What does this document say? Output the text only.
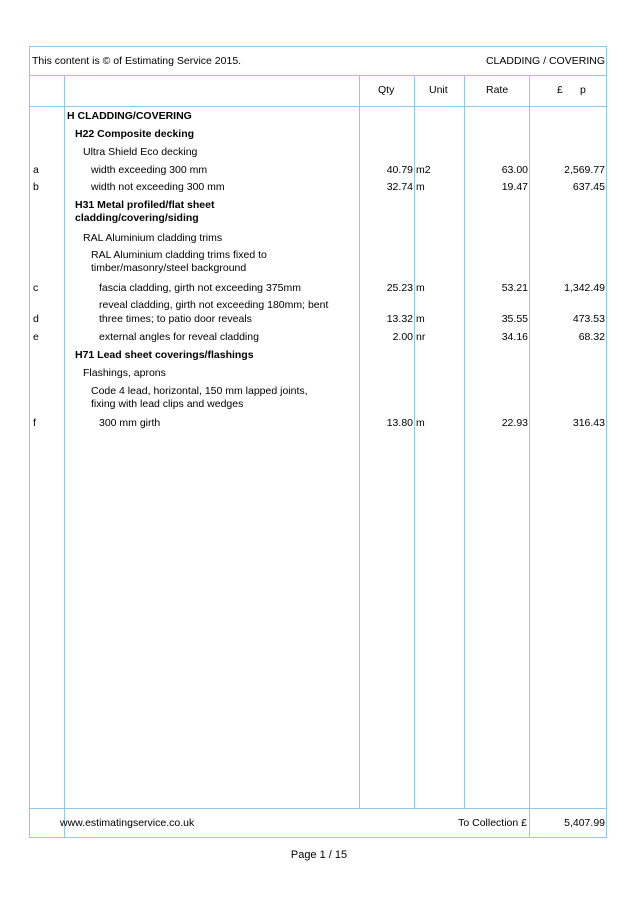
This content is © of Estimating Service 2015.	CLADDING / COVERING
Qty	Unit	Rate	£ p
H CLADDING/COVERING
H22 Composite decking
Ultra Shield Eco decking
a	width exceeding 300 mm	40.79 m2	63.00	2,569.77
b	width not exceeding 300 mm	32.74 m	19.47	637.45
H31 Metal profiled/flat sheet
cladding/covering/siding
RAL Aluminium cladding trims
RAL Aluminium cladding trims fixed to
timber/masonry/steel background
c	fascia cladding, girth not exceeding 375mm	25.23 m	53.21	1,342.49
reveal cladding, girth not exceeding 180mm; bent
d	three times; to patio door reveals	13.32 m	35.55	473.53
e	external angles for reveal cladding	2.00 nr	34.16	68.32
H71 Lead sheet coverings/flashings
Flashings, aprons
Code 4 lead, horizontal, 150 mm lapped joints,
fixing with lead clips and wedges
f	300 mm girth	13.80 m	22.93	316.43
www.estimatingservice.co.uk	To Collection £	5,407.99
Page 1 / 15
